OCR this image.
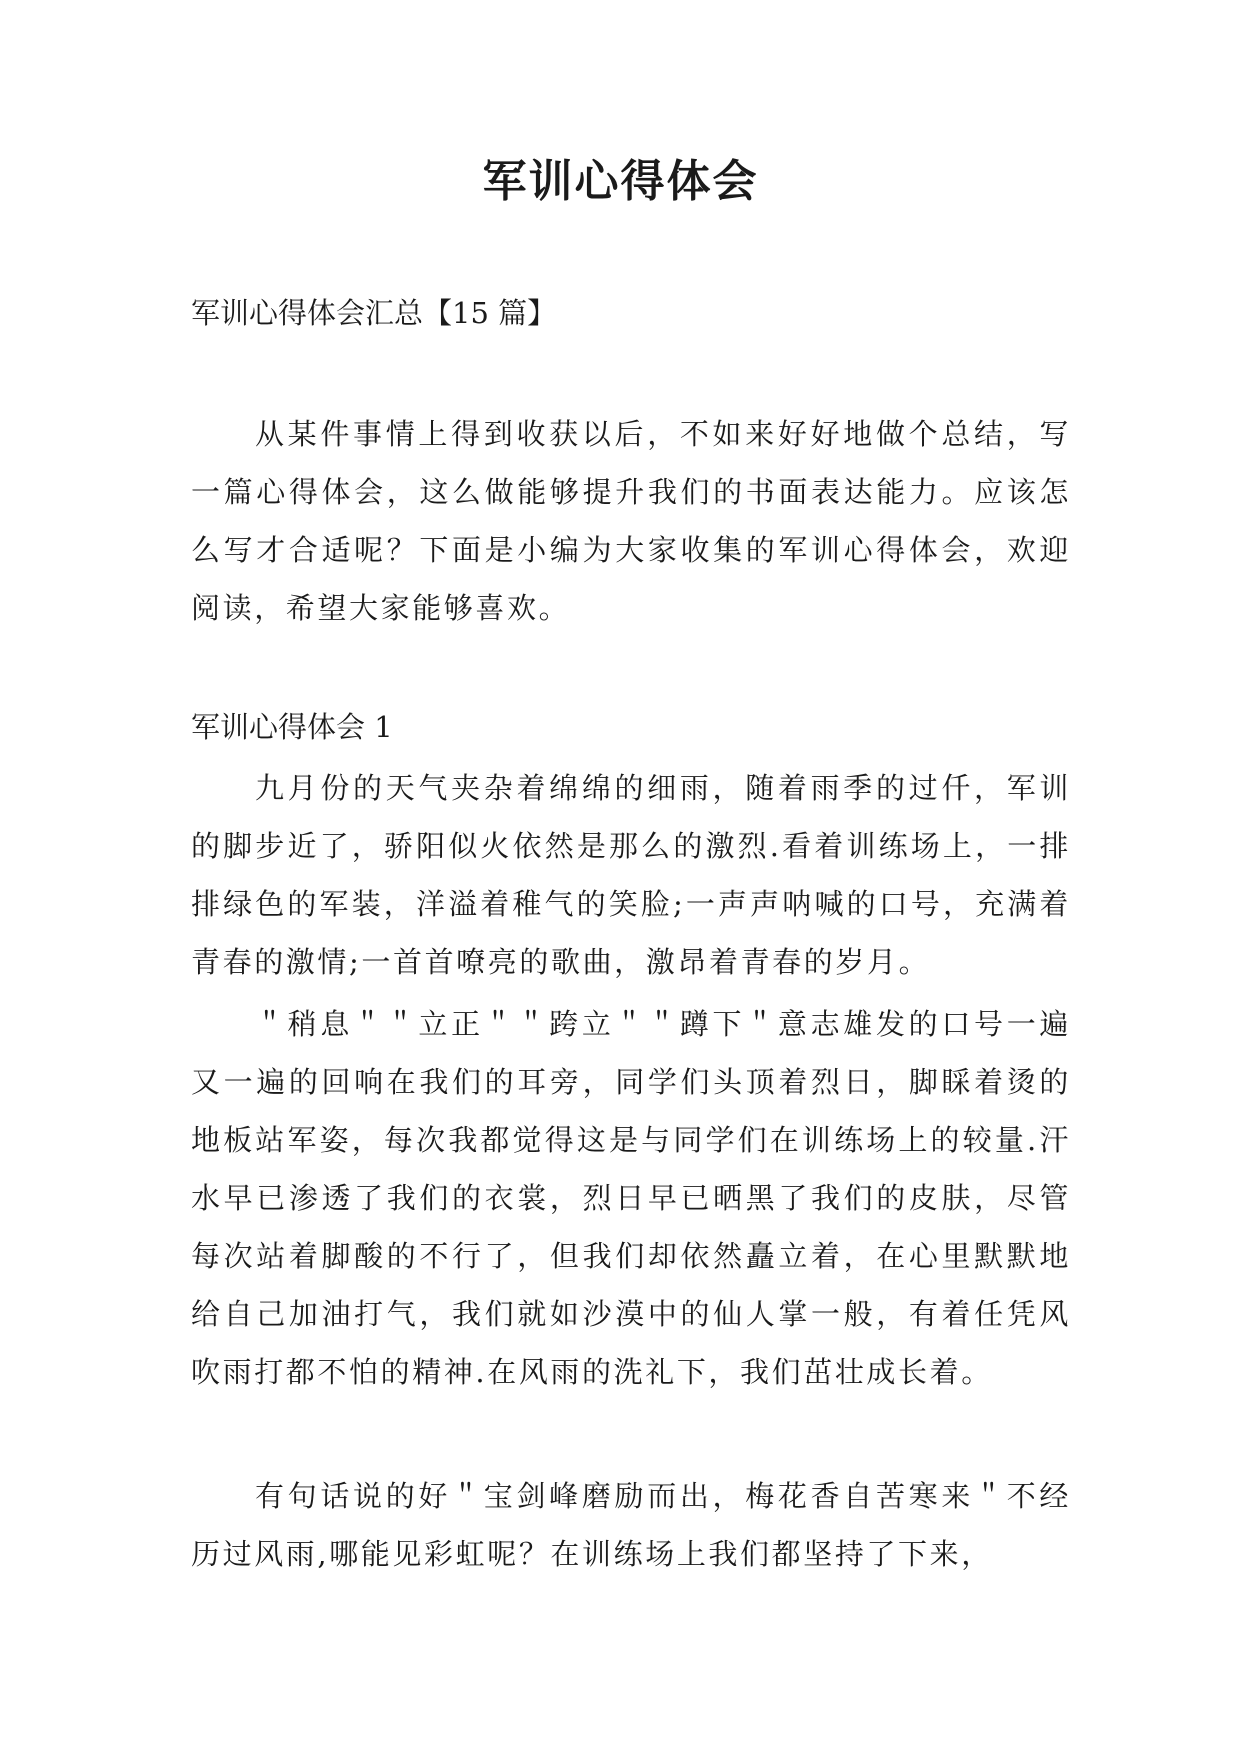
军训心得体会

军训心得体会汇总【15 篇】

从某件事情上得到收获以后，不如来好好地做个总结，写一篇心得体会，这么做能够提升我们的书面表达能力。应该怎么写才合适呢？下面是小编为大家收集的军训心得体会，欢迎阅读，希望大家能够喜欢。

军训心得体会 1

九月份的天气夹杂着绵绵的细雨，随着雨季的过仟，军训的脚步近了，骄阳似火依然是那么的激烈.看着训练场上，一排排绿色的军装，洋溢着稚气的笑脸;一声声呐喊的口号，充满着青春的激情;一首首嘹亮的歌曲，激昂着青春的岁月。

＂稍息＂＂立正＂＂跨立＂＂蹲下＂意志雄发的口号一遍又一遍的回响在我们的耳旁，同学们头顶着烈日，脚睬着烫的地板站军姿，每次我都觉得这是与同学们在训练场上的较量.汗水早已渗透了我们的衣裳，烈日早已晒黑了我们的皮肤，尽管每次站着脚酸的不行了，但我们却依然矗立着，在心里默默地给自己加油打气，我们就如沙漠中的仙人掌一般，有着任凭风吹雨打都不怕的精神.在风雨的洗礼下，我们茁壮成长着。

有句话说的好＂宝剑峰磨励而出，梅花香自苦寒来＂不经历过风雨,哪能见彩虹呢？在训练场上我们都坚持了下来，
